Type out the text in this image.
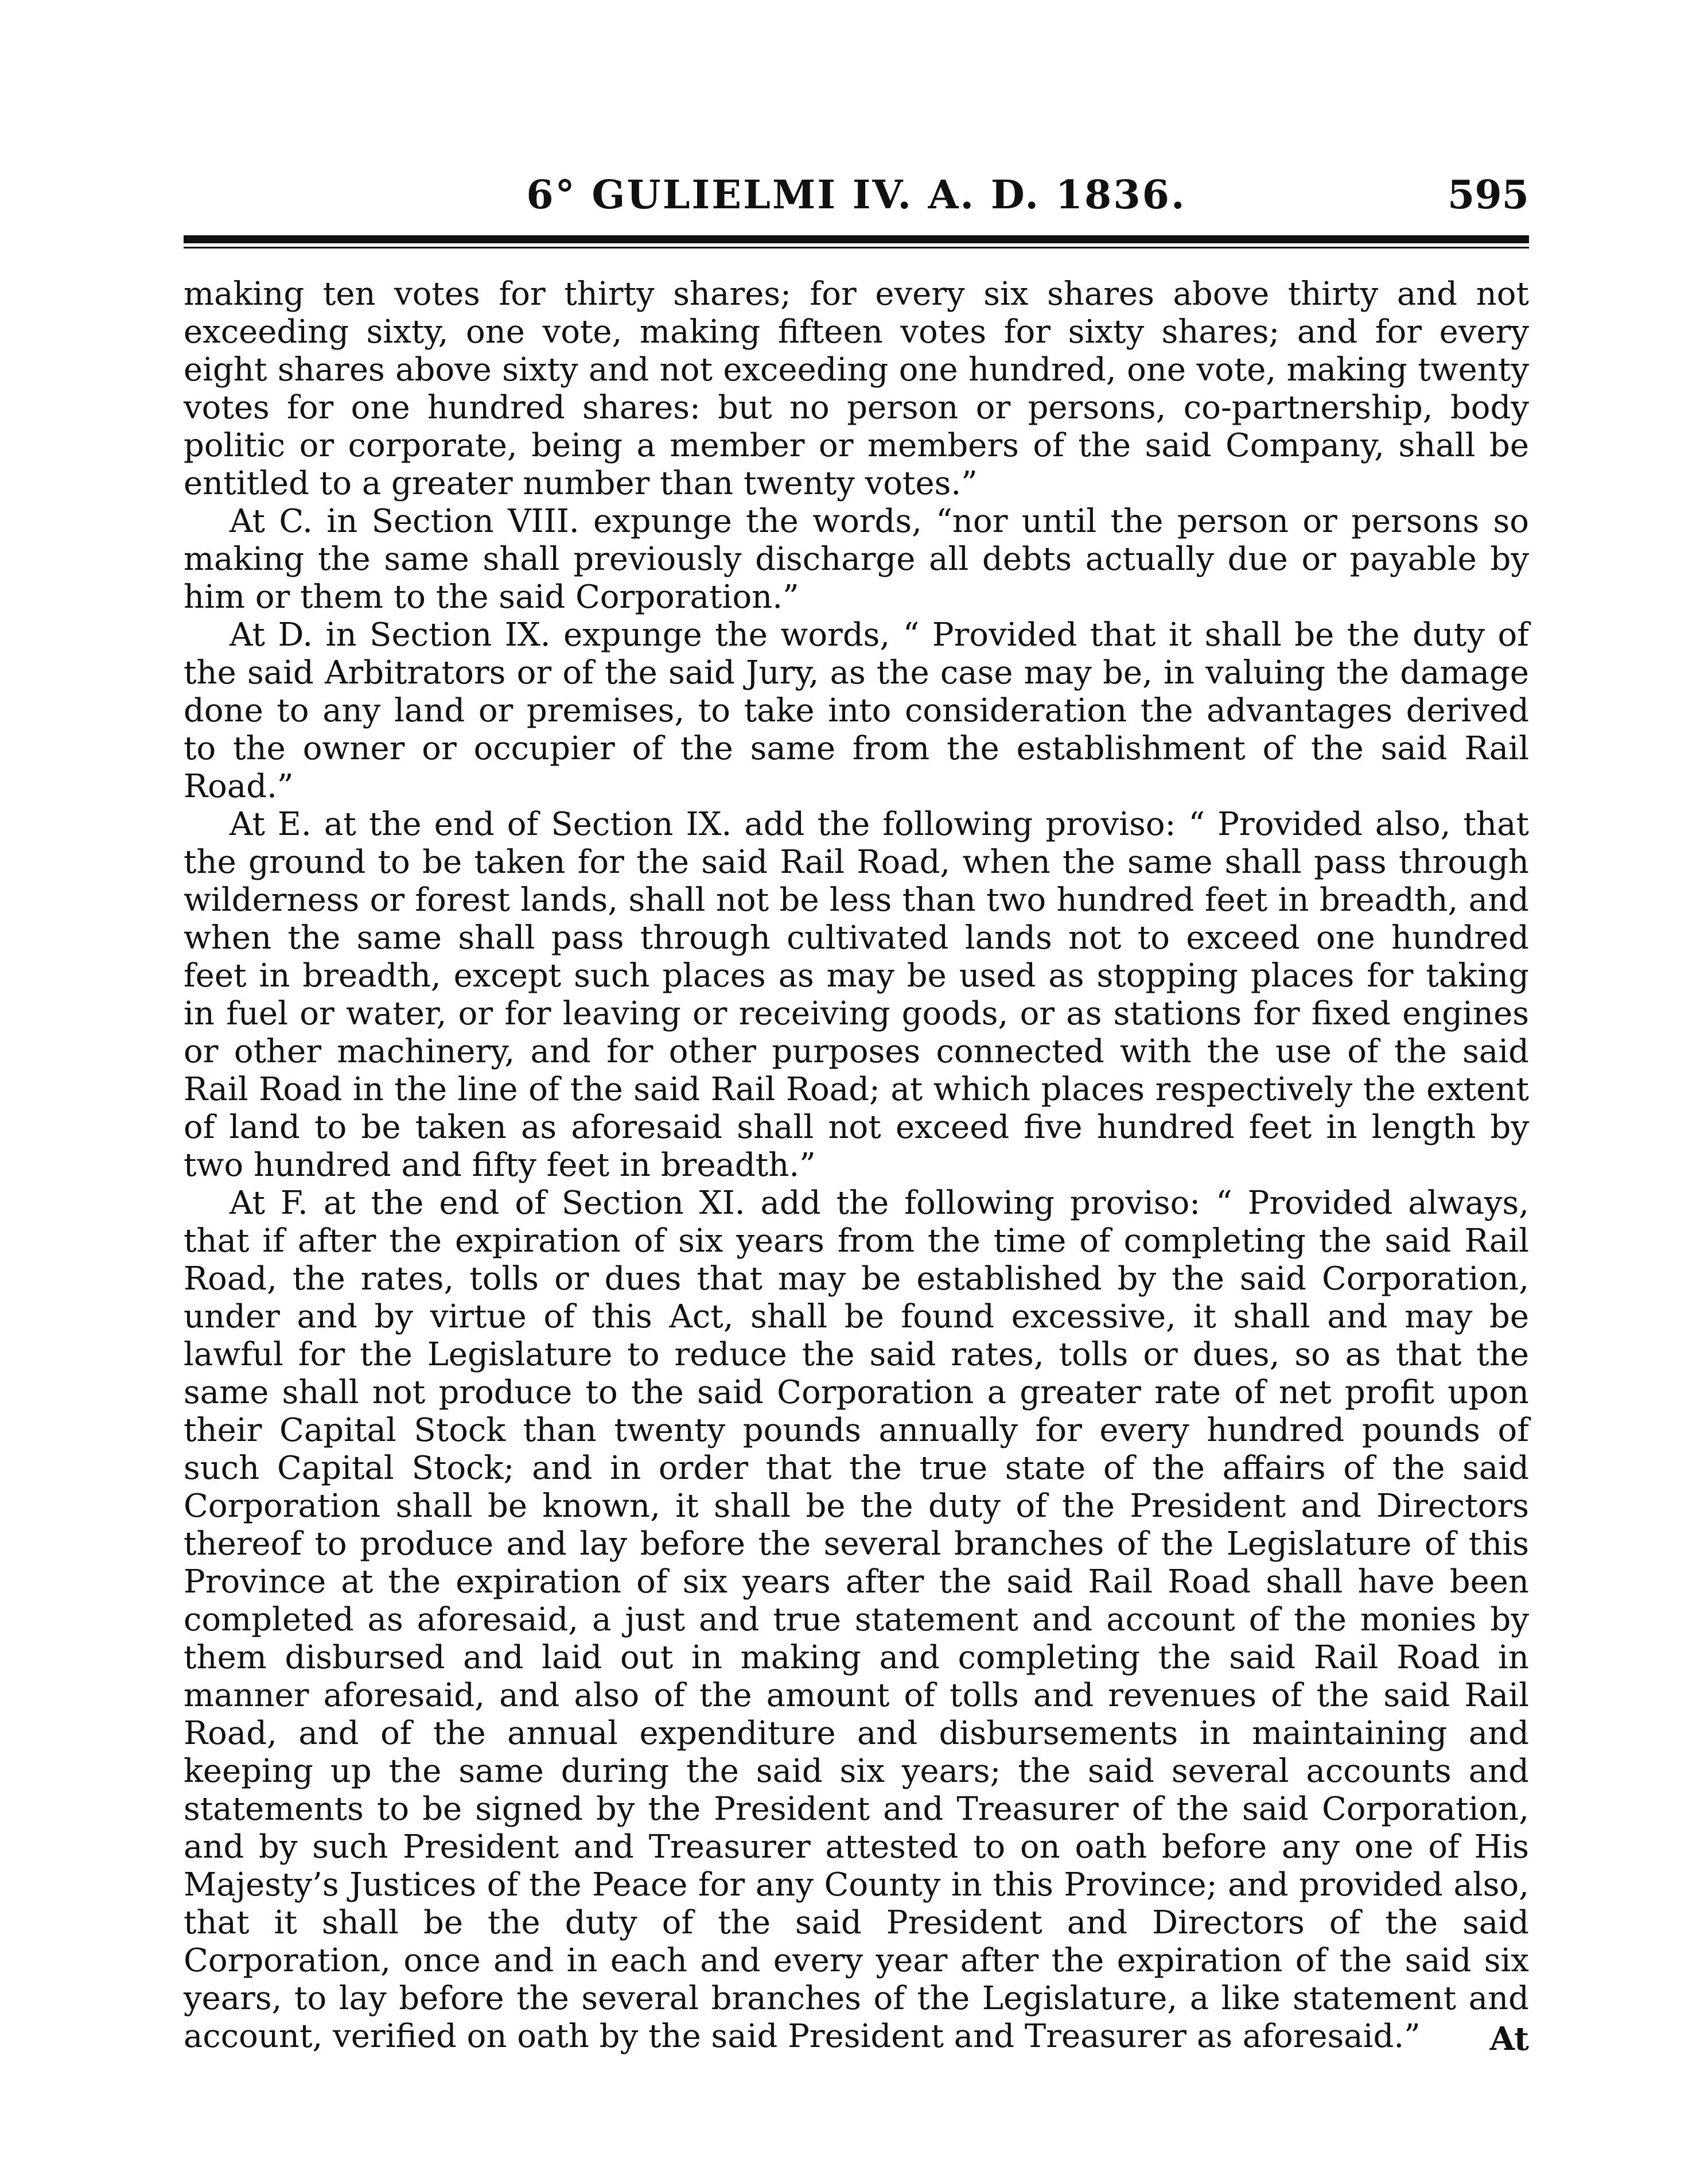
6° GULIELMI IV. A. D. 1836.	595

making ten votes for thirty shares; for every six shares above thirty and not exceeding sixty, one vote, making fifteen votes for sixty shares; and for every eight shares above sixty and not exceeding one hundred, one vote, making twenty votes for one hundred shares: but no person or persons, co-partnership, body politic or corporate, being a member or members of the said Company, shall be entitled to a greater number than twenty votes.”

At C. in Section VIII. expunge the words, “nor until the person or persons so making the same shall previously discharge all debts actually due or payable by him or them to the said Corporation.”

At D. in Section IX. expunge the words, “ Provided that it shall be the duty of the said Arbitrators or of the said Jury, as the case may be, in valuing the damage done to any land or premises, to take into consideration the advantages derived to the owner or occupier of the same from the establishment of the said Rail Road.”

At E. at the end of Section IX. add the following proviso: “ Provided also, that the ground to be taken for the said Rail Road, when the same shall pass through wilderness or forest lands, shall not be less than two hundred feet in breadth, and when the same shall pass through cultivated lands not to exceed one hundred feet in breadth, except such places as may be used as stopping places for taking in fuel or water, or for leaving or receiving goods, or as stations for fixed engines or other machinery, and for other purposes connected with the use of the said Rail Road in the line of the said Rail Road; at which places respectively the extent of land to be taken as aforesaid shall not exceed five hundred feet in length by two hundred and fifty feet in breadth.”

At F. at the end of Section XI. add the following proviso: “ Provided always, that if after the expiration of six years from the time of completing the said Rail Road, the rates, tolls or dues that may be established by the said Corporation, under and by virtue of this Act, shall be found excessive, it shall and may be lawful for the Legislature to reduce the said rates, tolls or dues, so as that the same shall not produce to the said Corporation a greater rate of net profit upon their Capital Stock than twenty pounds annually for every hundred pounds of such Capital Stock; and in order that the true state of the affairs of the said Corporation shall be known, it shall be the duty of the President and Directors thereof to produce and lay before the several branches of the Legislature of this Province at the expiration of six years after the said Rail Road shall have been completed as aforesaid, a just and true statement and account of the monies by them disbursed and laid out in making and completing the said Rail Road in manner aforesaid, and also of the amount of tolls and revenues of the said Rail Road, and of the annual expenditure and disbursements in maintaining and keeping up the same during the said six years; the said several accounts and statements to be signed by the President and Treasurer of the said Corporation, and by such President and Treasurer attested to on oath before any one of His Majesty’s Justices of the Peace for any County in this Province; and provided also, that it shall be the duty of the said President and Directors of the said Corporation, once and in each and every year after the expiration of the said six years, to lay before the several branches of the Legislature, a like statement and account, verified on oath by the said President and Treasurer as aforesaid.”	At
